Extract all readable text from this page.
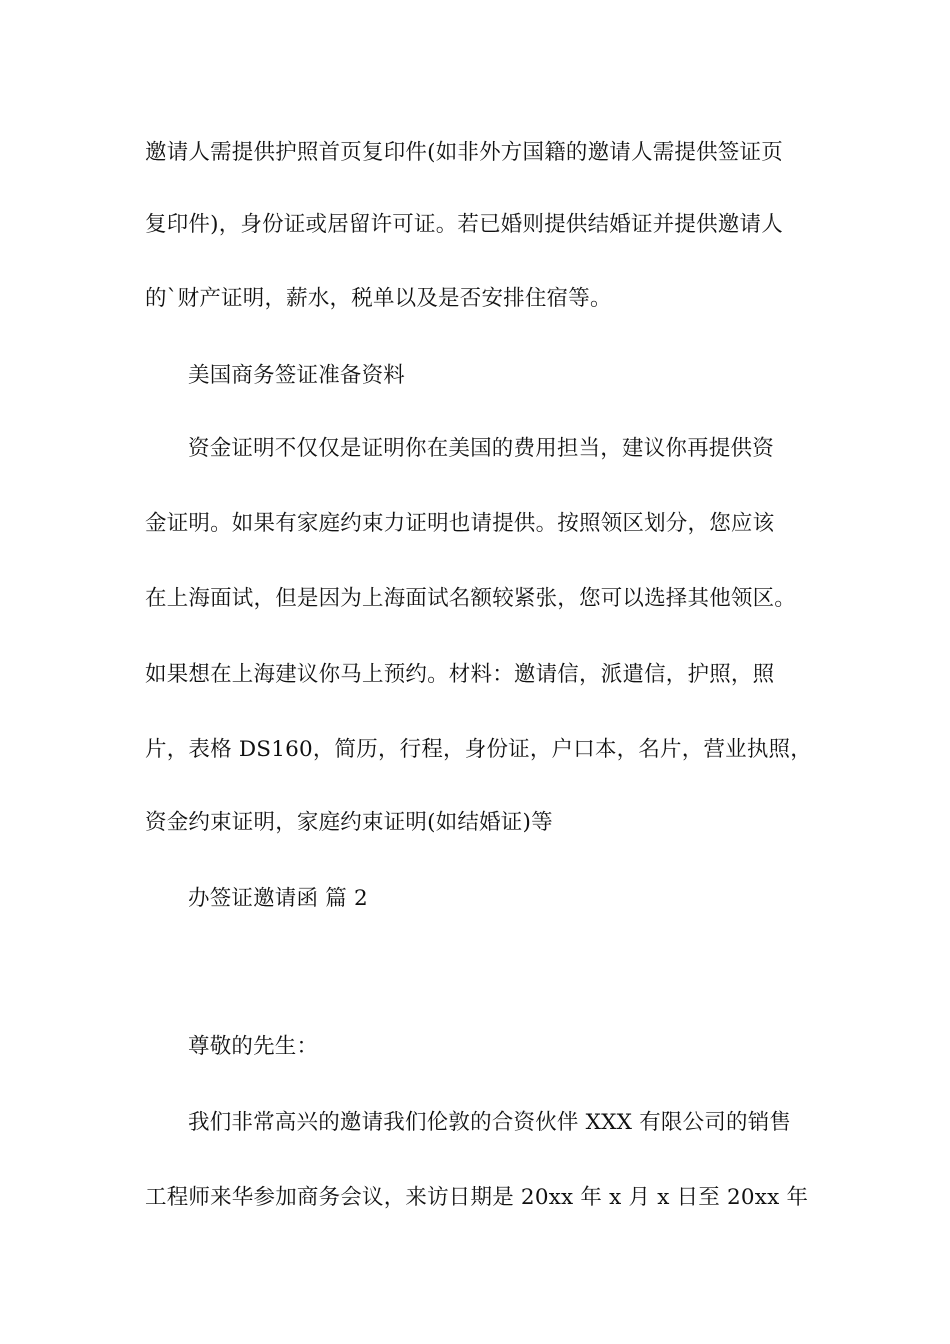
邀请人需提供护照首页复印件(如非外方国籍的邀请人需提供签证页
复印件)，身份证或居留许可证。若已婚则提供结婚证并提供邀请人
的`财产证明，薪水，税单以及是否安排住宿等。
美国商务签证准备资料
资金证明不仅仅是证明你在美国的费用担当，建议你再提供资
金证明。如果有家庭约束力证明也请提供。按照领区划分，您应该
在上海面试，但是因为上海面试名额较紧张，您可以选择其他领区。
如果想在上海建议你马上预约。材料：邀请信，派遣信，护照，照
片，表格 DS160，简历，行程，身份证，户口本，名片，营业执照，
资金约束证明，家庭约束证明(如结婚证)等
办签证邀请函 篇 2
尊敬的先生：
我们非常高兴的邀请我们伦敦的合资伙伴 XXX 有限公司的销售
工程师来华参加商务会议，来访日期是 20xx 年 x 月 x 日至 20xx 年
